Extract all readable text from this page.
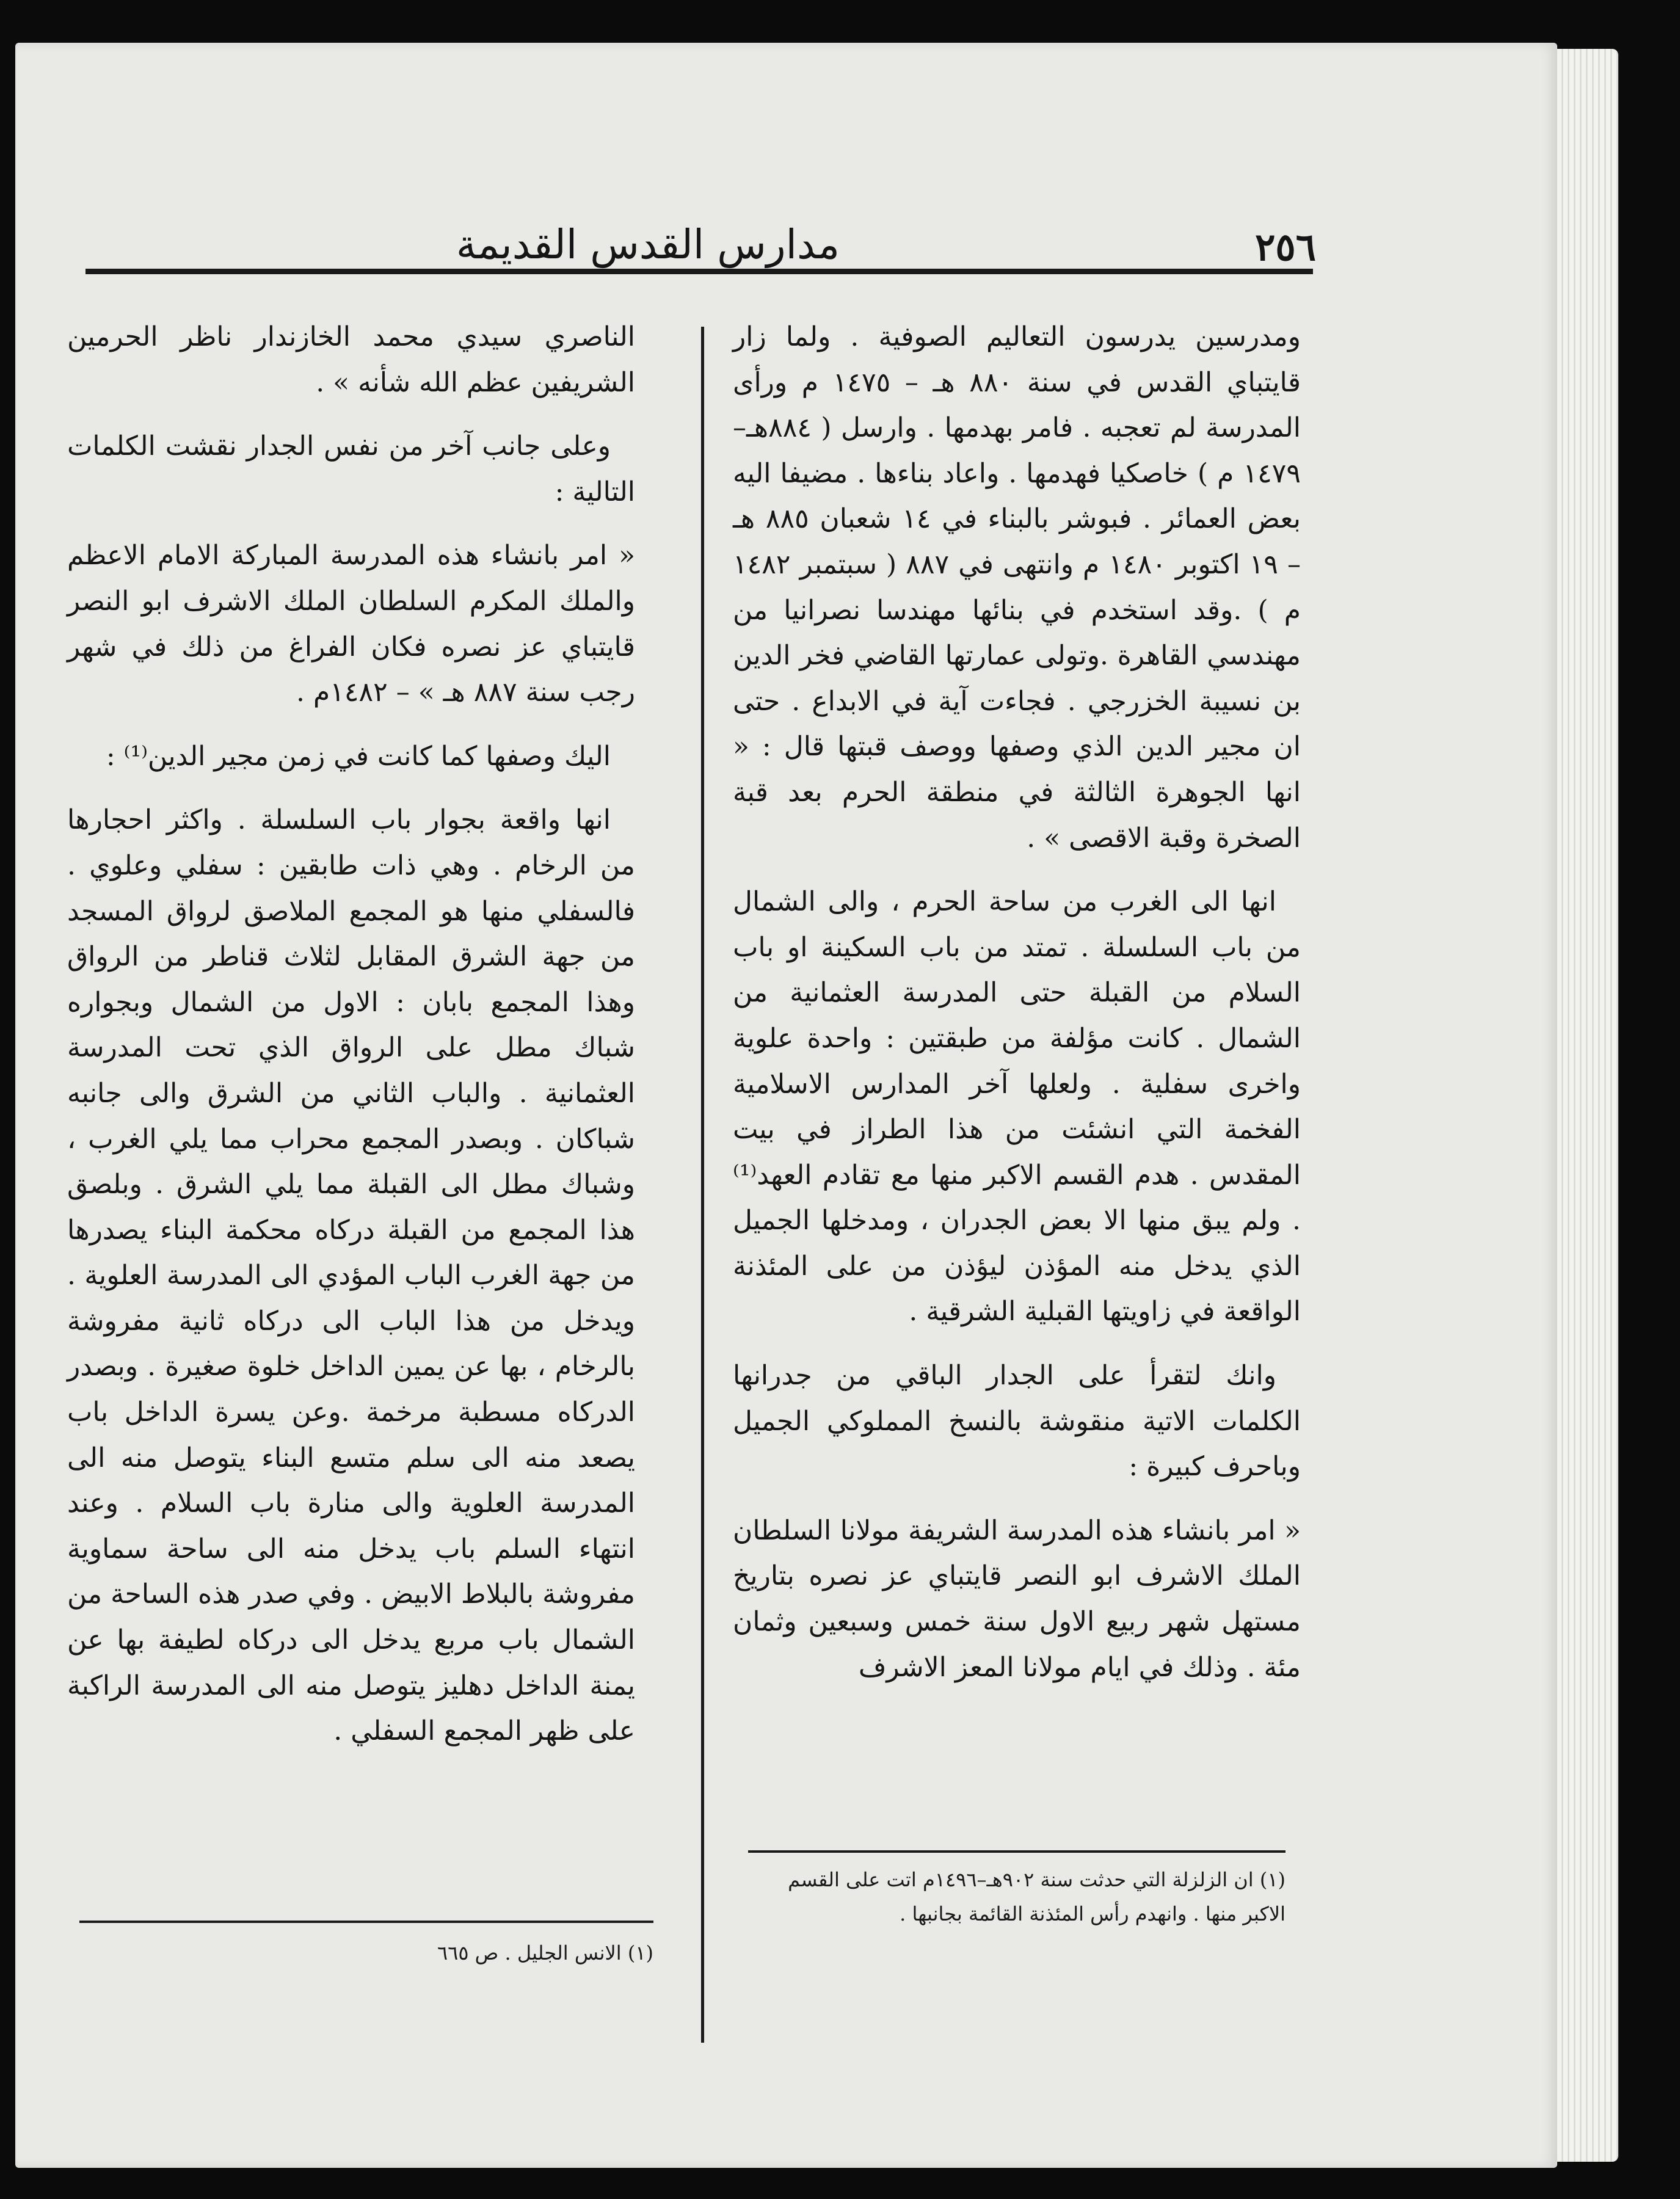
٢٥٦
مدارس القدس القديمة

ومدرسين يدرسون التعاليم الصوفية . ولما زار قايتباي القدس في سنة ٨٨٠ هـ – ١٤٧٥ م ورأى المدرسة لم تعجبه . فامر بهدمها . وارسل ( ٨٨٤هـ– ١٤٧٩ م ) خاصكيا فهدمها . واعاد بناءها . مضيفا اليه بعض العمائر . فبوشر بالبناء في ١٤ شعبان ٨٨٥ هـ – ١٩ اكتوبر ١٤٨٠ م وانتهى في ٨٨٧ ( سبتمبر ١٤٨٢ م ) .وقد استخدم في بنائها مهندسا نصرانيا من مهندسي القاهرة .وتولى عمارتها القاضي فخر الدين بن نسيبة الخزرجي . فجاءت آية في الابداع . حتى ان مجير الدين الذي وصفها ووصف قبتها قال : « انها الجوهرة الثالثة في منطقة الحرم بعد قبة الصخرة وقبة الاقصى » .

انها الى الغرب من ساحة الحرم ، والى الشمال من باب السلسلة . تمتد من باب السكينة او باب السلام من القبلة حتى المدرسة العثمانية من الشمال . كانت مؤلفة من طبقتين : واحدة علوية واخرى سفلية . ولعلها آخر المدارس الاسلامية الفخمة التي انشئت من هذا الطراز في بيت المقدس . هدم القسم الاكبر منها مع تقادم العهد⁽¹⁾ . ولم يبق منها الا بعض الجدران ، ومدخلها الجميل الذي يدخل منه المؤذن ليؤذن من على المئذنة الواقعة في زاويتها القبلية الشرقية .

وانك لتقرأ على الجدار الباقي من جدرانها الكلمات الاتية منقوشة بالنسخ المملوكي الجميل وباحرف كبيرة :

« امر بانشاء هذه المدرسة الشريفة مولانا السلطان الملك الاشرف ابو النصر قايتباي عز نصره بتاريخ مستهل شهر ربيع الاول سنة خمس وسبعين وثمان مئة . وذلك في ايام مولانا المعز الاشرف

الناصري سيدي محمد الخازندار ناظر الحرمين الشريفين عظم الله شأنه » .

وعلى جانب آخر من نفس الجدار نقشت الكلمات التالية :

« امر بانشاء هذه المدرسة المباركة الامام الاعظم والملك المكرم السلطان الملك الاشرف ابو النصر قايتباي عز نصره فكان الفراغ من ذلك في شهر رجب سنة ٨٨٧ هـ » – ١٤٨٢م .

اليك وصفها كما كانت في زمن مجير الدين⁽¹⁾ :

انها واقعة بجوار باب السلسلة . واكثر احجارها من الرخام . وهي ذات طابقين : سفلي وعلوي . فالسفلي منها هو المجمع الملاصق لرواق المسجد من جهة الشرق المقابل لثلاث قناطر من الرواق وهذا المجمع بابان : الاول من الشمال وبجواره شباك مطل على الرواق الذي تحت المدرسة العثمانية . والباب الثاني من الشرق والى جانبه شباكان . وبصدر المجمع محراب مما يلي الغرب ، وشباك مطل الى القبلة مما يلي الشرق . وبلصق هذا المجمع من القبلة دركاه محكمة البناء يصدرها من جهة الغرب الباب المؤدي الى المدرسة العلوية . ويدخل من هذا الباب الى دركاه ثانية مفروشة بالرخام ، بها عن يمين الداخل خلوة صغيرة . وبصدر الدركاه مسطبة مرخمة .وعن يسرة الداخل باب يصعد منه الى سلم متسع البناء يتوصل منه الى المدرسة العلوية والى منارة باب السلام . وعند انتهاء السلم باب يدخل منه الى ساحة سماوية مفروشة بالبلاط الابيض . وفي صدر هذه الساحة من الشمال باب مربع يدخل الى دركاه لطيفة بها عن يمنة الداخل دهليز يتوصل منه الى المدرسة الراكبة على ظهر المجمع السفلي .

(١) ان الزلزلة التي حدثت سنة ٩٠٢هـ–١٤٩٦م اتت على القسم الاكبر منها . وانهدم رأس المئذنة القائمة بجانبها .
(١) الانس الجليل . ص ٦٦٥
